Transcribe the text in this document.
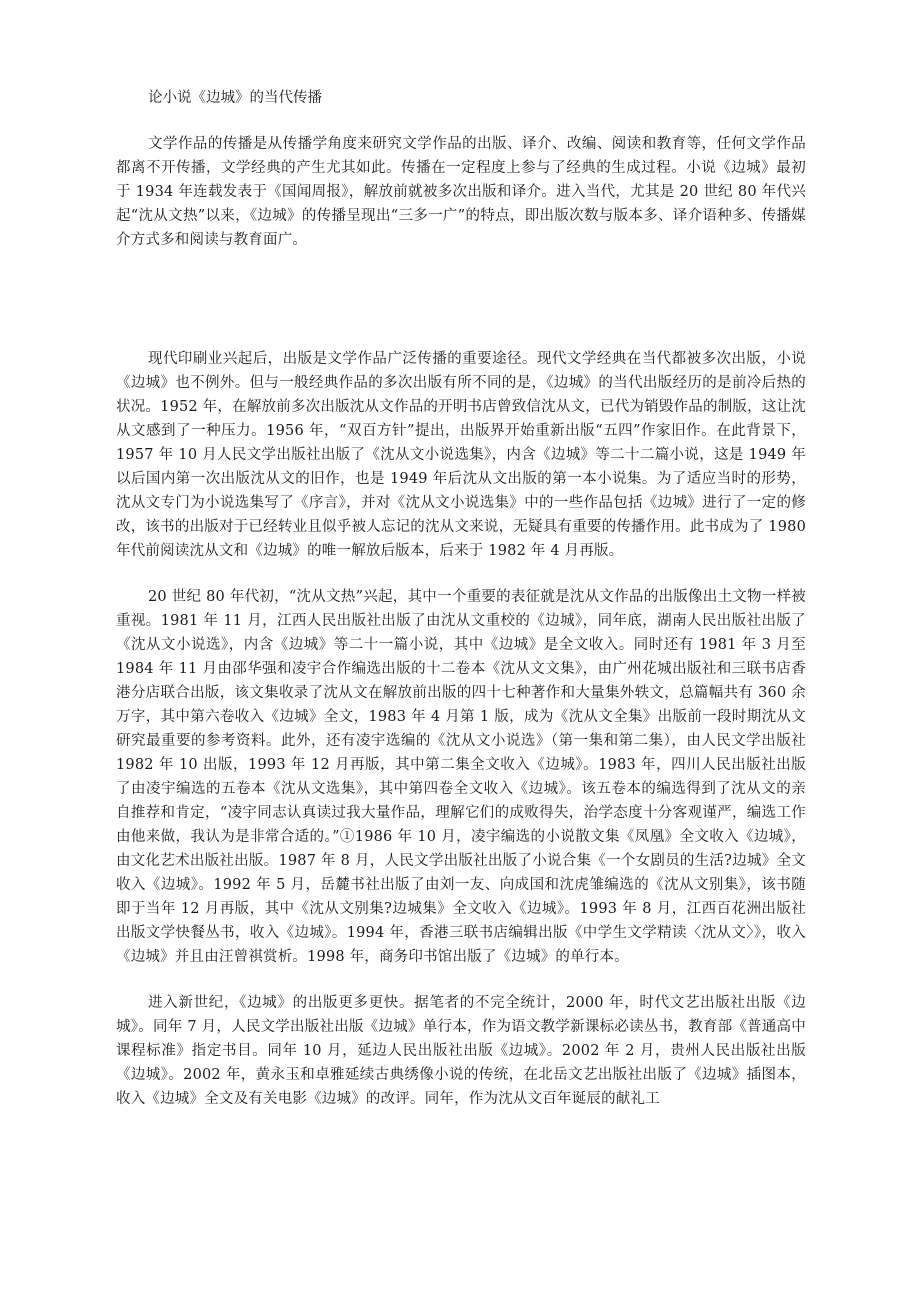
论小说《边城》的当代传播

文学作品的传播是从传播学角度来研究文学作品的出版、译介、改编、阅读和教育等，任何文学作品都离不开传播，文学经典的产生尤其如此。传播在一定程度上参与了经典的生成过程。小说《边城》最初于 1934 年连载发表于《国闻周报》，解放前就被多次出版和译介。进入当代，尤其是 20 世纪 80 年代兴起“沈从文热”以来，《边城》的传播呈现出“三多一广”的特点，即出版次数与版本多、译介语种多、传播媒介方式多和阅读与教育面广。

现代印刷业兴起后，出版是文学作品广泛传播的重要途径。现代文学经典在当代都被多次出版，小说《边城》也不例外。但与一般经典作品的多次出版有所不同的是，《边城》的当代出版经历的是前冷后热的状况。1952 年，在解放前多次出版沈从文作品的开明书店曾致信沈从文，已代为销毁作品的制版，这让沈从文感到了一种压力。1956 年，“双百方针”提出，出版界开始重新出版“五四”作家旧作。在此背景下，1957 年 10 月人民文学出版社出版了《沈从文小说选集》，内含《边城》等二十二篇小说，这是 1949 年以后国内第一次出版沈从文的旧作，也是 1949 年后沈从文出版的第一本小说集。为了适应当时的形势，沈从文专门为小说选集写了《序言》，并对《沈从文小说选集》中的一些作品包括《边城》进行了一定的修改，该书的出版对于已经转业且似乎被人忘记的沈从文来说，无疑具有重要的传播作用。此书成为了 1980 年代前阅读沈从文和《边城》的唯一解放后版本，后来于 1982 年 4 月再版。

20 世纪 80 年代初，“沈从文热”兴起，其中一个重要的表征就是沈从文作品的出版像出土文物一样被重视。1981 年 11 月，江西人民出版社出版了由沈从文重校的《边城》，同年底，湖南人民出版社出版了《沈从文小说选》，内含《边城》等二十一篇小说，其中《边城》是全文收入。同时还有 1981 年 3 月至 1984 年 11 月由邵华强和凌宇合作编选出版的十二卷本《沈从文文集》，由广州花城出版社和三联书店香港分店联合出版，该文集收录了沈从文在解放前出版的四十七种著作和大量集外轶文，总篇幅共有 360 余万字，其中第六卷收入《边城》全文，1983 年 4 月第 1 版，成为《沈从文全集》出版前一段时期沈从文研究最重要的参考资料。此外，还有凌宇选编的《沈从文小说选》（第一集和第二集），由人民文学出版社 1982 年 10 出版，1993 年 12 月再版，其中第二集全文收入《边城》。1983 年，四川人民出版社出版了由凌宇编选的五卷本《沈从文选集》，其中第四卷全文收入《边城》。该五卷本的编选得到了沈从文的亲自推荐和肯定，“凌宇同志认真读过我大量作品，理解它们的成败得失，治学态度十分客观谨严，编选工作由他来做，我认为是非常合适的。”①1986 年 10 月，凌宇编选的小说散文集《凤凰》全文收入《边城》，由文化艺术出版社出版。1987 年 8 月，人民文学出版社出版了小说合集《一个女剧员的生活?边城》全文收入《边城》。1992 年 5 月，岳麓书社出版了由刘一友、向成国和沈虎雏编选的《沈从文别集》，该书随即于当年 12 月再版，其中《沈从文别集?边城集》全文收入《边城》。1993 年 8 月，江西百花洲出版社出版文学快餐丛书，收入《边城》。1994 年，香港三联书店编辑出版《中学生文学精读〈沈从文〉》，收入《边城》并且由汪曾祺赏析。1998 年，商务印书馆出版了《边城》的单行本。

进入新世纪，《边城》的出版更多更快。据笔者的不完全统计，2000 年，时代文艺出版社出版《边城》。同年 7 月，人民文学出版社出版《边城》单行本，作为语文教学新课标必读丛书，教育部《普通高中课程标准》指定书目。同年 10 月，延边人民出版社出版《边城》。2002 年 2 月，贵州人民出版社出版《边城》。2002 年，黄永玉和卓雅延续古典绣像小说的传统，在北岳文艺出版社出版了《边城》插图本，收入《边城》全文及有关电影《边城》的改评。同年，作为沈从文百年诞辰的献礼工
